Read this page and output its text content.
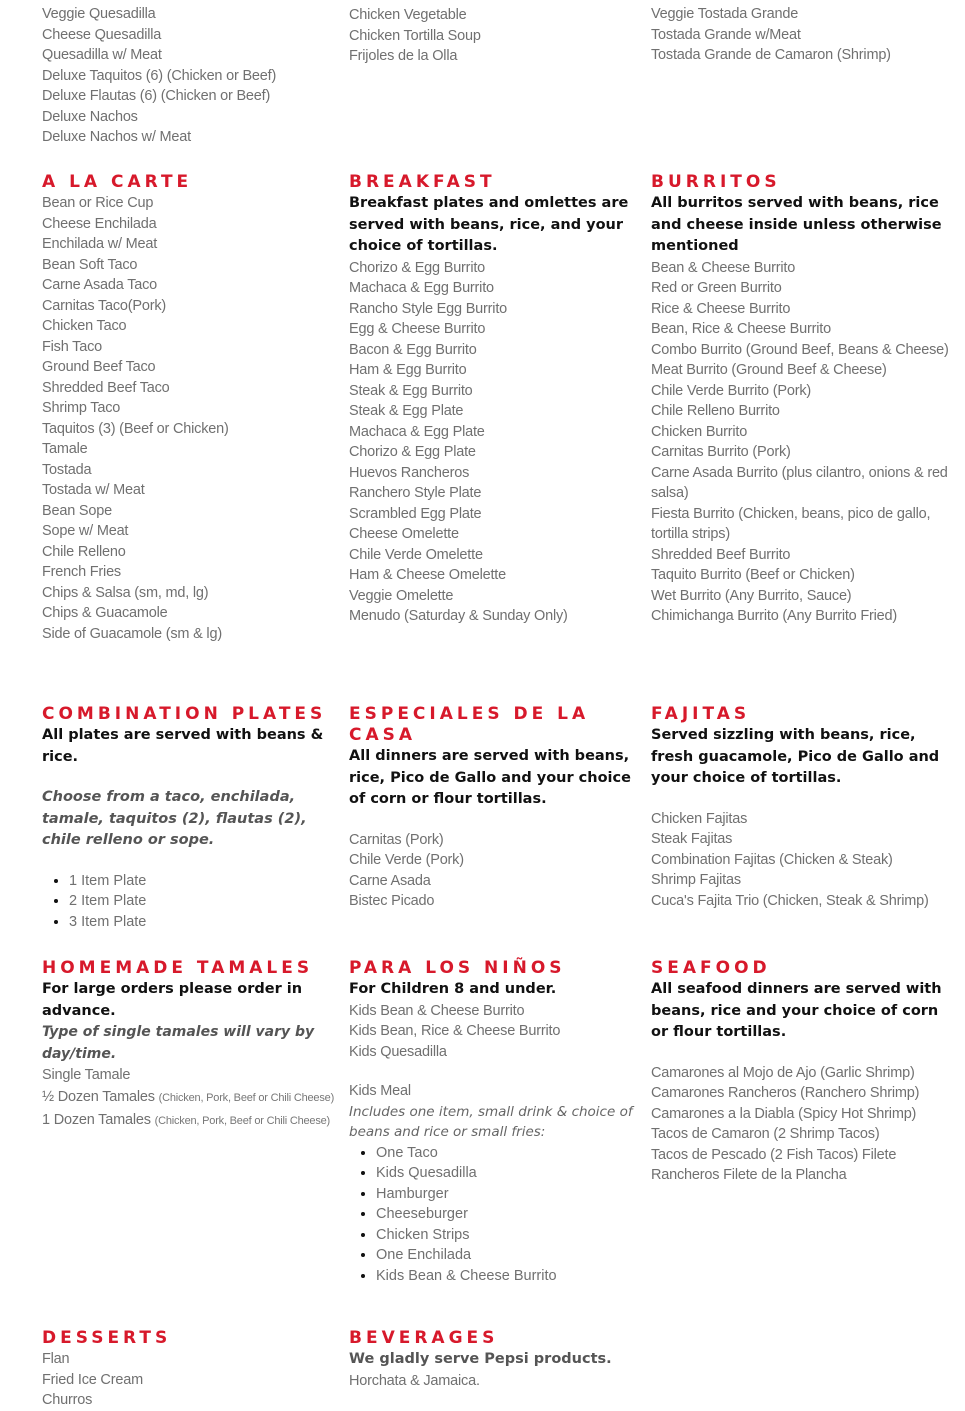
Veggie Quesadilla
Cheese Quesadilla
Quesadilla w/ Meat
Deluxe Taquitos (6) (Chicken or Beef)
Deluxe Flautas (6) (Chicken or Beef)
Deluxe Nachos
Deluxe Nachos w/ Meat
Chicken Vegetable
Chicken Tortilla Soup
Frijoles de la Olla
Veggie Tostada Grande
Tostada Grande w/Meat
Tostada Grande de Camaron (Shrimp)
A LA CARTE
Bean or Rice Cup
Cheese Enchilada
Enchilada w/ Meat
Bean Soft Taco
Carne Asada Taco
Carnitas Taco(Pork)
Chicken Taco
Fish Taco
Ground Beef Taco
Shredded Beef Taco
Shrimp Taco
Taquitos (3) (Beef or Chicken)
Tamale
Tostada
Tostada w/ Meat
Bean Sope
Sope w/ Meat
Chile Relleno
French Fries
Chips & Salsa (sm, md, lg)
Chips & Guacamole
Side of Guacamole (sm & lg)
BREAKFAST

Breakfast plates and omlettes are served with beans, rice, and your choice of tortillas.

Chorizo & Egg Burrito
Machaca & Egg Burrito
Rancho Style Egg Burrito
Egg & Cheese Burrito
Bacon & Egg Burrito
Ham & Egg Burrito
Steak & Egg Burrito
Steak & Egg Plate
Machaca & Egg Plate
Chorizo & Egg Plate
Huevos Rancheros
Ranchero Style Plate
Scrambled Egg Plate
Cheese Omelette
Chile Verde Omelette
Ham & Cheese Omelette
Veggie Omelette
Menudo (Saturday & Sunday Only)
BURRITOS

All burritos served with beans, rice and cheese inside unless otherwise mentioned

Bean & Cheese Burrito
Red or Green Burrito
Rice & Cheese Burrito
Bean, Rice & Cheese Burrito
Combo Burrito (Ground Beef, Beans & Cheese)
Meat Burrito (Ground Beef & Cheese)
Chile Verde Burrito (Pork)
Chile Relleno Burrito
Chicken Burrito
Carnitas Burrito (Pork)
Carne Asada Burrito (plus cilantro, onions & red salsa)
Fiesta Burrito (Chicken, beans, pico de gallo, tortilla strips)
Shredded Beef Burrito
Taquito Burrito (Beef or Chicken)
Wet Burrito (Any Burrito, Sauce)
Chimichanga Burrito (Any Burrito Fried)
COMBINATION PLATES

All plates are served with beans & rice.

Choose from a taco, enchilada, tamale, taquitos (2), flautas (2), chile relleno or sope.

• 1 Item Plate
• 2 Item Plate
• 3 Item Plate
ESPECIALES DE LA CASA

All dinners are served with beans, rice, Pico de Gallo and your choice of corn or flour tortillas.

Carnitas (Pork)
Chile Verde (Pork)
Carne Asada
Bistec Picado
FAJITAS

Served sizzling with beans, rice, fresh guacamole, Pico de Gallo and your choice of tortillas.

Chicken Fajitas
Steak Fajitas
Combination Fajitas (Chicken & Steak)
Shrimp Fajitas
Cuca's Fajita Trio (Chicken, Steak & Shrimp)
HOMEMADE TAMALES

For large orders please order in advance.

Type of single tamales will vary by day/time.

Single Tamale
½ Dozen Tamales (Chicken, Pork, Beef or Chili Cheese)
1 Dozen Tamales (Chicken, Pork, Beef or Chili Cheese)
PARA LOS NIÑOS

For Children 8 and under.

Kids Bean & Cheese Burrito
Kids Bean, Rice & Cheese Burrito
Kids Quesadilla
Kids Meal

Includes one item, small drink & choice of beans and rice or small fries:

• One Taco
• Kids Quesadilla
• Hamburger
• Cheeseburger
• Chicken Strips
• One Enchilada
• Kids Bean & Cheese Burrito
SEAFOOD

All seafood dinners are served with beans, rice and your choice of corn or flour tortillas.

Camarones al Mojo de Ajo (Garlic Shrimp)
Camarones Rancheros (Ranchero Shrimp)
Camarones a la Diabla (Spicy Hot Shrimp)
Tacos de Camaron (2 Shrimp Tacos)
Tacos de Pescado (2 Fish Tacos) Filete
Rancheros Filete de la Plancha
DESSERTS
Flan
Fried Ice Cream
Churros
BEVERAGES

We gladly serve Pepsi products.

Horchata & Jamaica.
